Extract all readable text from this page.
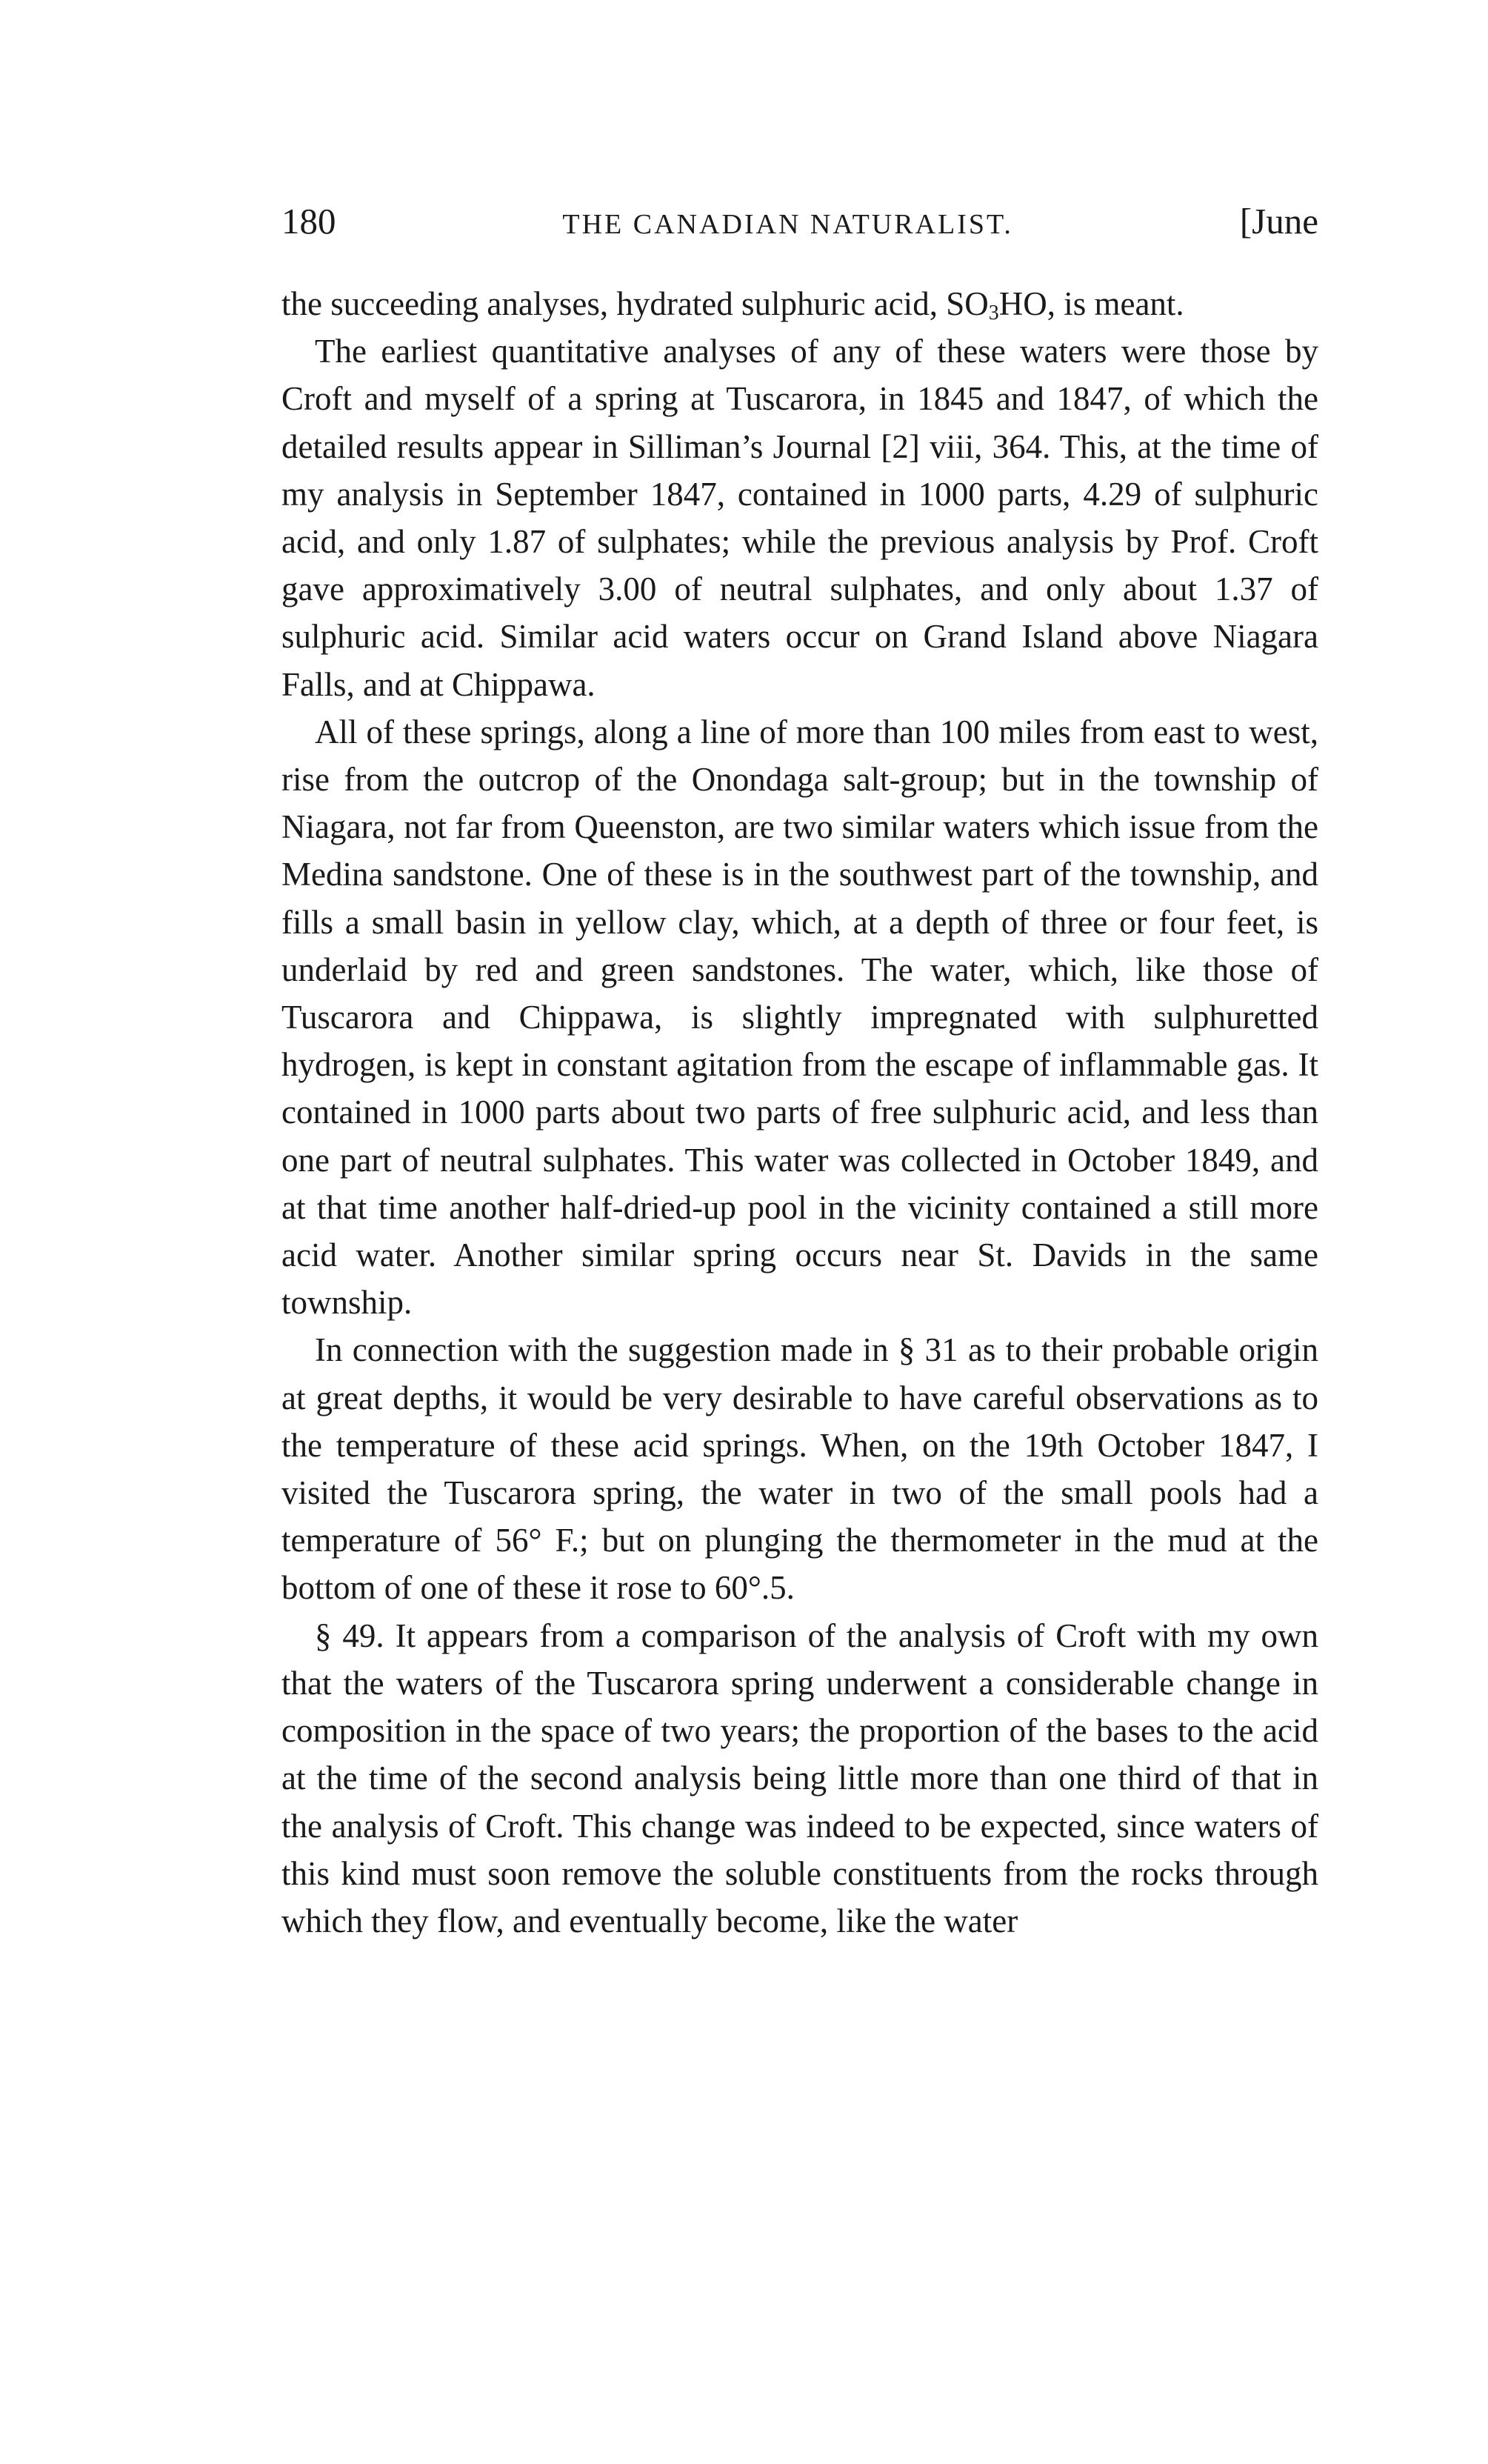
180	THE CANADIAN NATURALIST.	[June

the succeeding analyses, hydrated sulphuric acid, $SO_3HO$, is meant.

The earliest quantitative analyses of any of these waters were those by Croft and myself of a spring at Tuscarora, in 1845 and 1847, of which the detailed results appear in Silliman’s Journal [2] viii, 364. This, at the time of my analysis in September 1847, contained in 1000 parts, 4.29 of sulphuric acid, and only 1.87 of sulphates; while the previous analysis by Prof. Croft gave approximatively 3.00 of neutral sulphates, and only about 1.37 of sulphuric acid. Similar acid waters occur on Grand Island above Niagara Falls, and at Chippawa.

All of these springs, along a line of more than 100 miles from east to west, rise from the outcrop of the Onondaga salt-group; but in the township of Niagara, not far from Queenston, are two similar waters which issue from the Medina sandstone. One of these is in the southwest part of the township, and fills a small basin in yellow clay, which, at a depth of three or four feet, is underlaid by red and green sandstones. The water, which, like those of Tuscarora and Chippawa, is slightly impregnated with sulphuretted hydrogen, is kept in constant agitation from the escape of inflammable gas. It contained in 1000 parts about two parts of free sulphuric acid, and less than one part of neutral sulphates. This water was collected in October 1849, and at that time another half-dried-up pool in the vicinity contained a still more acid water. Another similar spring occurs near St. Davids in the same township.

In connection with the suggestion made in § 31 as to their probable origin at great depths, it would be very desirable to have careful observations as to the temperature of these acid springs. When, on the 19th October 1847, I visited the Tuscarora spring, the water in two of the small pools had a temperature of 56° F.; but on plunging the thermometer in the mud at the bottom of one of these it rose to 60°.5.

§ 49. It appears from a comparison of the analysis of Croft with my own that the waters of the Tuscarora spring underwent a considerable change in composition in the space of two years; the proportion of the bases to the acid at the time of the second analysis being little more than one third of that in the analysis of Croft. This change was indeed to be expected, since waters of this kind must soon remove the soluble constituents from the rocks through which they flow, and eventually become, like the water
